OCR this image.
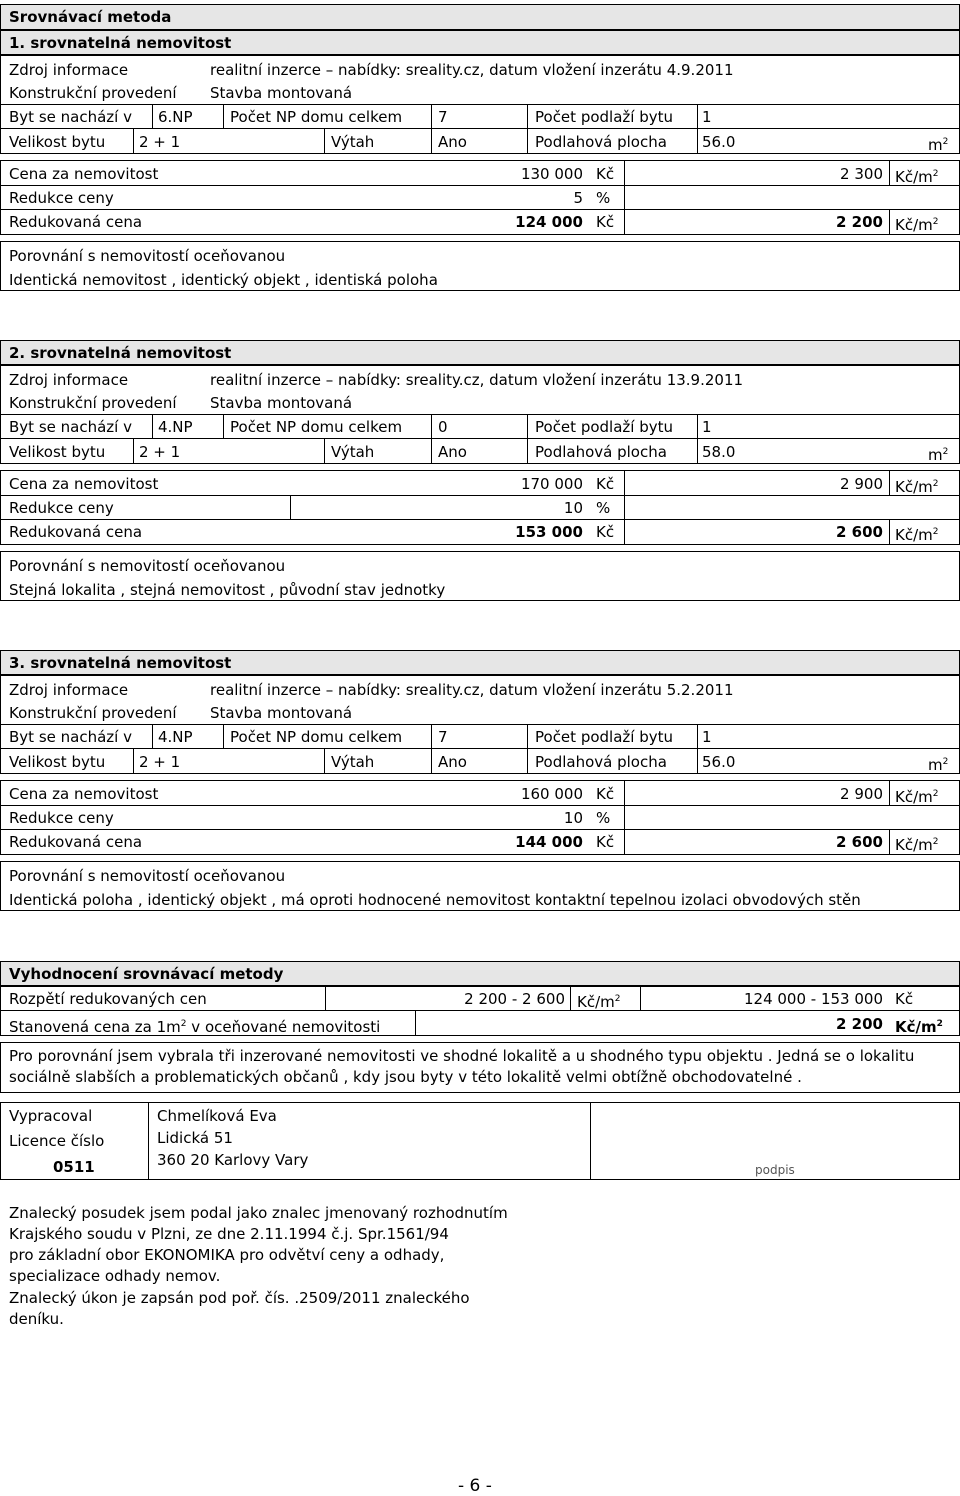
Srovnávací metoda
1. srovnatelná nemovitost
Zdroj informace	realitní inzerce – nabídky: sreality.cz, datum vložení inzerátu 4.9.2011
Konstrukční provedení Stavba montovaná
Byt se nachází v 6.NP Počet NP domu celkem 7	Počet podlaží bytu 1
Velikost bytu 2 + 1	Výtah	Ano	Podlahová plocha 56.0	$m^2$
Cena za nemovitost	130 000 Kč	2 300 $Kč/m^2$
Redukce ceny	5 %
Redukovaná cena	124 000 Kč	2 200 $Kč/m^2$
Porovnání s nemovitostí oceňovanou
Identická nemovitost , identický objekt , identiská poloha
2. srovnatelná nemovitost
Zdroj informace	realitní inzerce – nabídky: sreality.cz, datum vložení inzerátu 13.9.2011
Konstrukční provedení Stavba montovaná
Byt se nachází v 4.NP Počet NP domu celkem 0	Počet podlaží bytu 1
Velikost bytu 2 + 1	Výtah	Ano	Podlahová plocha 58.0	$m^2$
Cena za nemovitost	170 000 Kč	2 900 $Kč/m^2$
Redukce ceny	10 %
Redukovaná cena	153 000 Kč	2 600 $Kč/m^2$
Porovnání s nemovitostí oceňovanou
Stejná lokalita , stejná nemovitost , původní stav jednotky
3. srovnatelná nemovitost
Zdroj informace	realitní inzerce – nabídky: sreality.cz, datum vložení inzerátu 5.2.2011
Konstrukční provedení Stavba montovaná
Byt se nachází v 4.NP Počet NP domu celkem 7	Počet podlaží bytu 1
Velikost bytu 2 + 1	Výtah	Ano	Podlahová plocha 56.0	$m^2$
Cena za nemovitost	160 000 Kč	2 900 $Kč/m^2$
Redukce ceny	10 %
Redukovaná cena	144 000 Kč	2 600 $Kč/m^2$
Porovnání s nemovitostí oceňovanou
Identická poloha , identický objekt , má oproti hodnocené nemovitost kontaktní tepelnou izolaci obvodových stěn
Vyhodnocení srovnávací metody
Rozpětí redukovaných cen	2 200 - 2 600 $Kč/m^2$	124 000 - 153 000 Kč
Stanovená cena za $1m^2$ v oceňované nemovitosti	2 200 $Kč/m^2$
Pro porovnání jsem vybrala tři inzerované nemovitosti ve shodné lokalitě a u shodného typu objektu . Jedná se o lokalitu
sociálně slabších a problematických občanů , kdy jsou byty v této lokalitě velmi obtížně obchodovatelné .
Vypracoval
Licence číslo
0511
Chmelíková Eva
Lidická 51
360 20 Karlovy Vary
podpis
Znalecký posudek jsem podal jako znalec jmenovaný rozhodnutím
Krajského soudu v Plzni, ze dne 2.11.1994 č.j. Spr.1561/94
pro základní obor EKONOMIKA pro odvětví ceny a odhady,
specializace odhady nemov.
Znalecký úkon je zapsán pod poř. čís. .2509/2011 znaleckého
deníku.
- 6 -
